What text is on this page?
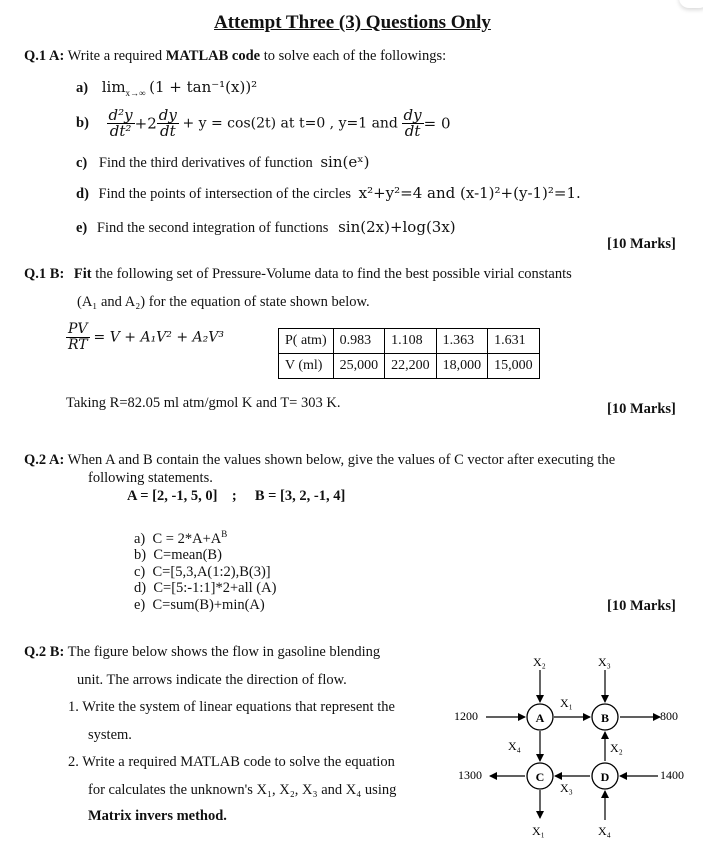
Attempt Three (3) Questions Only
Q.1 A: Write a required MATLAB code to solve each of the followings:
a) $\lim_{x\to\infty} (1 + \tan^{-1}(x))^2$
$b) \frac{\text{d²y}}{\text{dt²}} +2 \frac{dy}{dt} + y = \cos(2t)$ at t=0 , y=1 and $\frac{dy}{dt} = 0$
c) Find the third derivatives of function sin(eˣ)
d) Find the points of intersection of the circles x²+y²=4 and (x-1)²+(y-1)²=1.
e) Find the second integration of functions sin(2x)+log(3x)
[10 Marks]
Q.1 B: Fit the following set of Pressure-Volume data to find the best possible virial constants
(A₁ and A₂) for the equation of state shown below.
$\frac{PV}{RT} = V + A_1V^2 + A_2V^3$	P( atm)	0.983	1.108	1.363	1.631
V (ml)	25,000	22,200	18,000	15,000
Taking R=82.05 ml atm/gmol K and T= 303 K.	[10 Marks]
Q.2 A: When A and B contain the values shown below, give the values of C vector after executing the
following statements.
A = [2, -1, 5, 0]    ;     B = [3, 2, -1, 4]
a) $C = 2*A+A^B$
b) C=mean(B)
c) C=[5,3,A(1:2),B(3)]
d) C=[5:-1:1]*2+all (A)
e) C=sum(B)+min(A)	[10 Marks]
Q.2 B: The figure below shows the flow in gasoline blending
unit. The arrows indicate the direction of flow.
1. Write the system of linear equations that represent the
system.
2. Write a required MATLAB code to solve the equation
for calculates the unknown's X₁, X₂, X₃ and X₄ using
Matrix invers method.
A	B
C	D
1200	800
1300	1400
X₂	X₃
X₁
X₄	X₂
X₃
X₁	X₄
